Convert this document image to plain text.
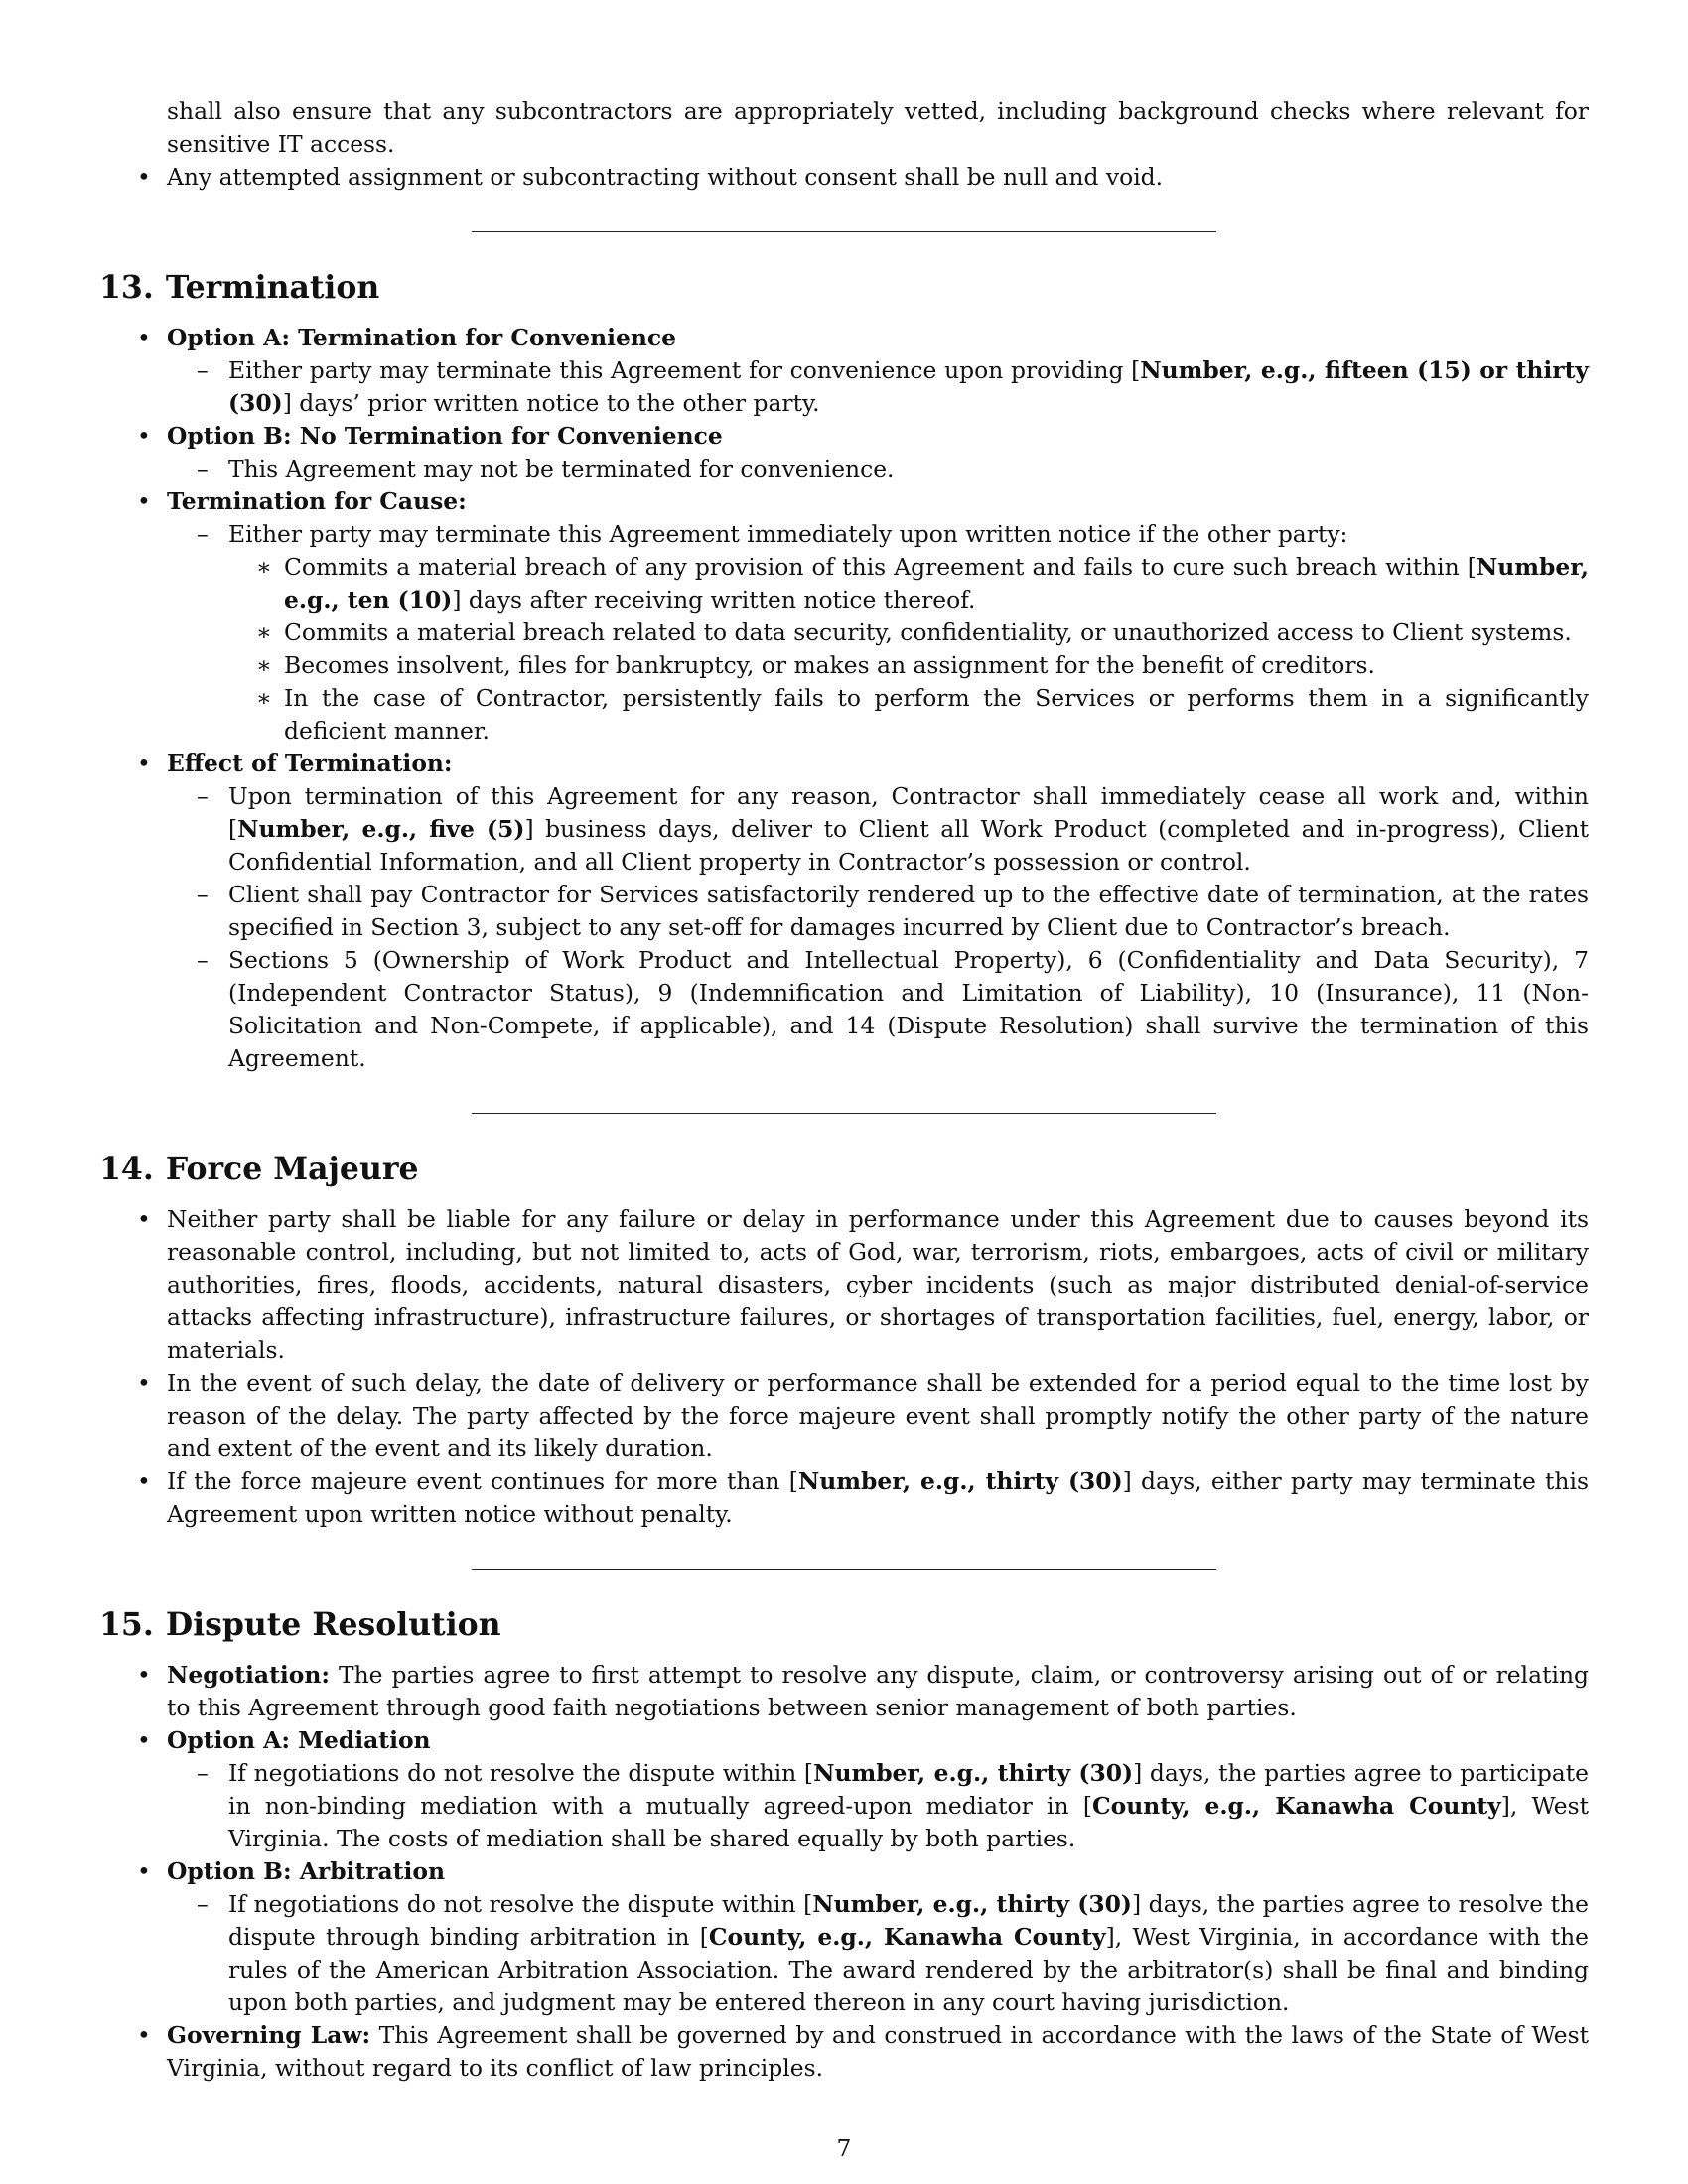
shall also ensure that any subcontractors are appropriately vetted, including background checks where relevant for sensitive IT access.
• Any attempted assignment or subcontracting without consent shall be null and void.
13. Termination
• Option A: Termination for Convenience
– Either party may terminate this Agreement for convenience upon providing [Number, e.g., fifteen (15) or thirty (30)] days’ prior written notice to the other party.
• Option B: No Termination for Convenience
– This Agreement may not be terminated for convenience.
• Termination for Cause:
– Either party may terminate this Agreement immediately upon written notice if the other party:
∗ Commits a material breach of any provision of this Agreement and fails to cure such breach within [Number, e.g., ten (10)] days after receiving written notice thereof.
∗ Commits a material breach related to data security, confidentiality, or unauthorized access to Client systems.
∗ Becomes insolvent, files for bankruptcy, or makes an assignment for the benefit of creditors.
∗ In the case of Contractor, persistently fails to perform the Services or performs them in a significantly deficient manner.
• Effect of Termination:
– Upon termination of this Agreement for any reason, Contractor shall immediately cease all work and, within [Number, e.g., five (5)] business days, deliver to Client all Work Product (completed and in-progress), Client Confidential Information, and all Client property in Contractor’s possession or control.
– Client shall pay Contractor for Services satisfactorily rendered up to the effective date of termination, at the rates specified in Section 3, subject to any set-off for damages incurred by Client due to Contractor’s breach.
– Sections 5 (Ownership of Work Product and Intellectual Property), 6 (Confidentiality and Data Security), 7 (Independent Contractor Status), 9 (Indemnification and Limitation of Liability), 10 (Insurance), 11 (Non-Solicitation and Non-Compete, if applicable), and 14 (Dispute Resolution) shall survive the termination of this Agreement.
14. Force Majeure
• Neither party shall be liable for any failure or delay in performance under this Agreement due to causes beyond its reasonable control, including, but not limited to, acts of God, war, terrorism, riots, embargoes, acts of civil or military authorities, fires, floods, accidents, natural disasters, cyber incidents (such as major distributed denial-of-service attacks affecting infrastructure), infrastructure failures, or shortages of transportation facilities, fuel, energy, labor, or materials.
• In the event of such delay, the date of delivery or performance shall be extended for a period equal to the time lost by reason of the delay. The party affected by the force majeure event shall promptly notify the other party of the nature and extent of the event and its likely duration.
• If the force majeure event continues for more than [Number, e.g., thirty (30)] days, either party may terminate this Agreement upon written notice without penalty.
15. Dispute Resolution
• Negotiation: The parties agree to first attempt to resolve any dispute, claim, or controversy arising out of or relating to this Agreement through good faith negotiations between senior management of both parties.
• Option A: Mediation
– If negotiations do not resolve the dispute within [Number, e.g., thirty (30)] days, the parties agree to participate in non-binding mediation with a mutually agreed-upon mediator in [County, e.g., Kanawha County], West Virginia. The costs of mediation shall be shared equally by both parties.
• Option B: Arbitration
– If negotiations do not resolve the dispute within [Number, e.g., thirty (30)] days, the parties agree to resolve the dispute through binding arbitration in [County, e.g., Kanawha County], West Virginia, in accordance with the rules of the American Arbitration Association. The award rendered by the arbitrator(s) shall be final and binding upon both parties, and judgment may be entered thereon in any court having jurisdiction.
• Governing Law: This Agreement shall be governed by and construed in accordance with the laws of the State of West Virginia, without regard to its conflict of law principles.
7
